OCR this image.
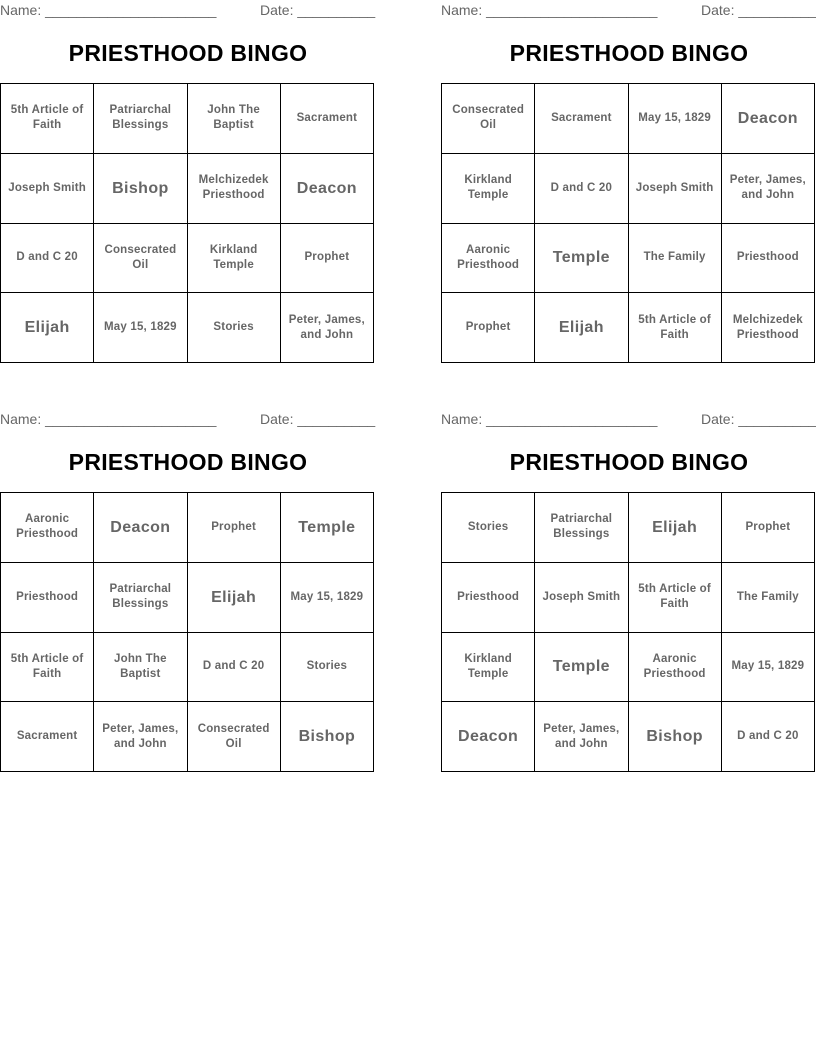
Name: ______________________	Date: __________
PRIESTHOOD BINGO
5th Article of Faith	Patriarchal Blessings	John The Baptist	Sacrament
Joseph Smith	Bishop	Melchizedek Priesthood	Deacon
D and C 20	Consecrated Oil	Kirkland Temple	Prophet
Elijah	May 15, 1829	Stories	Peter, James, and John
Name: ______________________	Date: __________
PRIESTHOOD BINGO
Consecrated Oil	Sacrament	May 15, 1829	Deacon
Kirkland Temple	D and C 20	Joseph Smith	Peter, James, and John
Aaronic Priesthood	Temple	The Family	Priesthood
Prophet	Elijah	5th Article of Faith	Melchizedek Priesthood
Name: ______________________	Date: __________
PRIESTHOOD BINGO
Aaronic Priesthood	Deacon	Prophet	Temple
Priesthood	Patriarchal Blessings	Elijah	May 15, 1829
5th Article of Faith	John The Baptist	D and C 20	Stories
Sacrament	Peter, James, and John	Consecrated Oil	Bishop
Name: ______________________	Date: __________
PRIESTHOOD BINGO
Stories	Patriarchal Blessings	Elijah	Prophet
Priesthood	Joseph Smith	5th Article of Faith	The Family
Kirkland Temple	Temple	Aaronic Priesthood	May 15, 1829
Deacon	Peter, James, and John	Bishop	D and C 20
